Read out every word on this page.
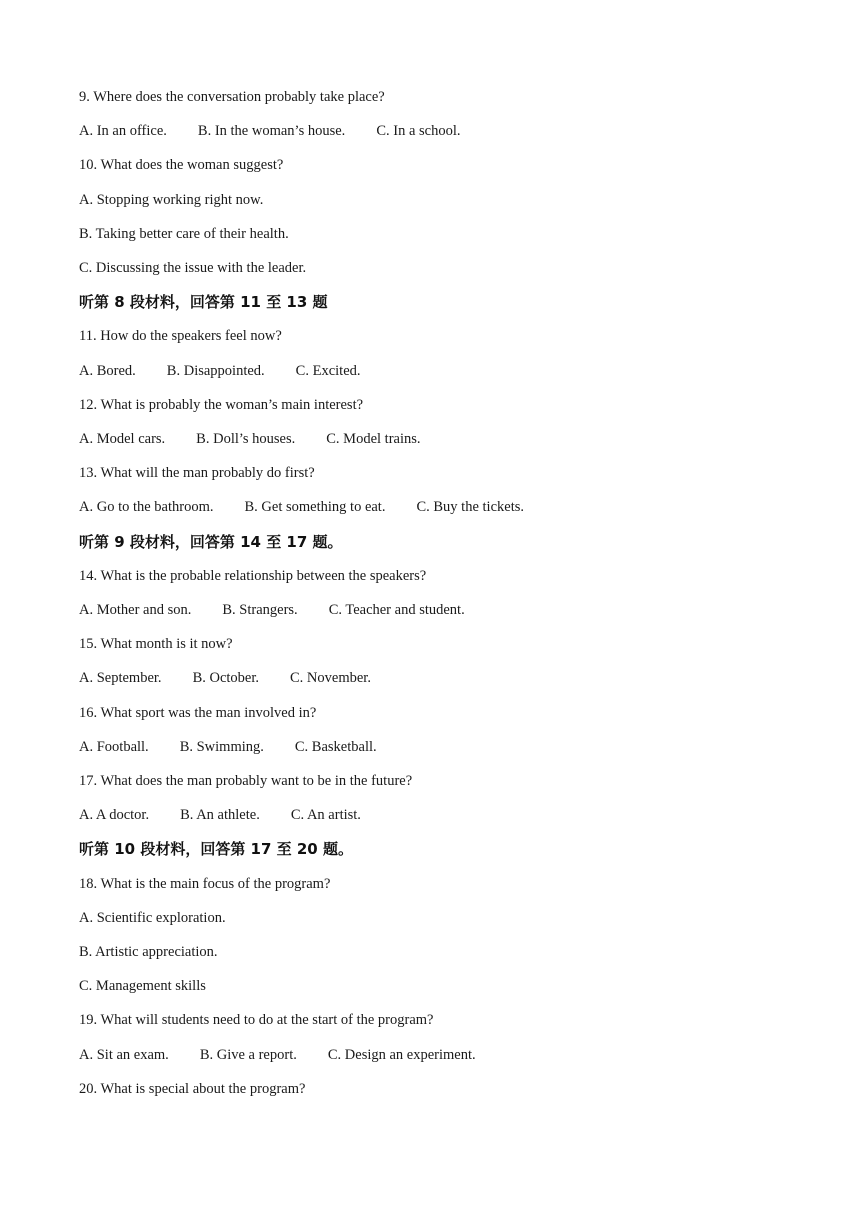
9. Where does the conversation probably take place?
A. In an office. B. In the woman’s house. C. In a school.
10. What does the woman suggest?
A. Stopping working right now.
B. Taking better care of their health.
C. Discussing the issue with the leader.
听第 8 段材料，回答第 11 至 13 题
11. How do the speakers feel now?
A. Bored. B. Disappointed. C. Excited.
12. What is probably the woman’s main interest?
A. Model cars. B. Doll’s houses. C. Model trains.
13. What will the man probably do first?
A. Go to the bathroom. B. Get something to eat. C. Buy the tickets.
听第 9 段材料，回答第 14 至 17 题。
14. What is the probable relationship between the speakers?
A. Mother and son. B. Strangers. C. Teacher and student.
15. What month is it now?
A. September. B. October. C. November.
16. What sport was the man involved in?
A. Football. B. Swimming. C. Basketball.
17. What does the man probably want to be in the future?
A. A doctor. B. An athlete. C. An artist.
听第 10 段材料，回答第 17 至 20 题。
18. What is the main focus of the program?
A. Scientific exploration.
B. Artistic appreciation.
C. Management skills
19. What will students need to do at the start of the program?
A. Sit an exam. B. Give a report. C. Design an experiment.
20. What is special about the program?
